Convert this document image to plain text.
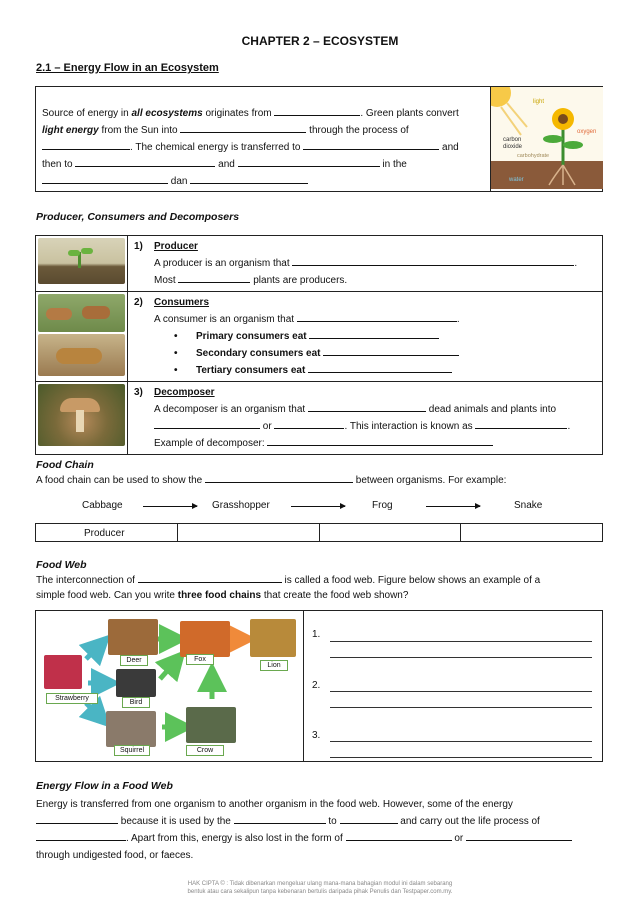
CHAPTER 2 – ECOSYSTEM
2.1 – Energy Flow in an Ecosystem
Source of energy in all ecosystems originates from	. Green plants convert
light energy from the Sun into	through the process of
. The chemical energy is transferred to	and
then to	and	in the
dan
light
oxygen
carbon
dioxide
carbohydrate
water
Producer, Consumers and Decomposers

	1) Producer
A producer is an organism that .
Most plants are producers.

	2) Consumers
A consumer is an organism that .
• Primary consumers eat
• Secondary consumers eat
• Tertiary consumers eat

	3) Decomposer
A decomposer is an organism that dead animals and plants into
or . This interaction is known as .
Example of decomposer:
Food Chain
A food chain can be used to show the	between organisms. For example:
Cabbage	Grasshopper	Frog	Snake
Producer			
Food Web
The interconnection of	is called a food web. Figure below shows an example of a
simple food web. Can you write three food chains that create the food web shown?
Deer	Fox
Lion
Strawberry
Bird
Squirrel	Crow
1.
2.
3.
Energy Flow in a Food Web
Energy is transferred from one organism to another organism in the food web. However, some of the energy
because it is used by the	to	and carry out the life process of
. Apart from this, energy is also lost in the form of	or
through undigested food, or faeces.
HAK CIPTA © : Tidak dibenarkan mengeluar ulang mana-mana bahagian modul ini dalam sebarang
bentuk atau cara sekalipun tanpa kebenaran bertulis daripada pihak Penulis dan Testpaper.com.my.
